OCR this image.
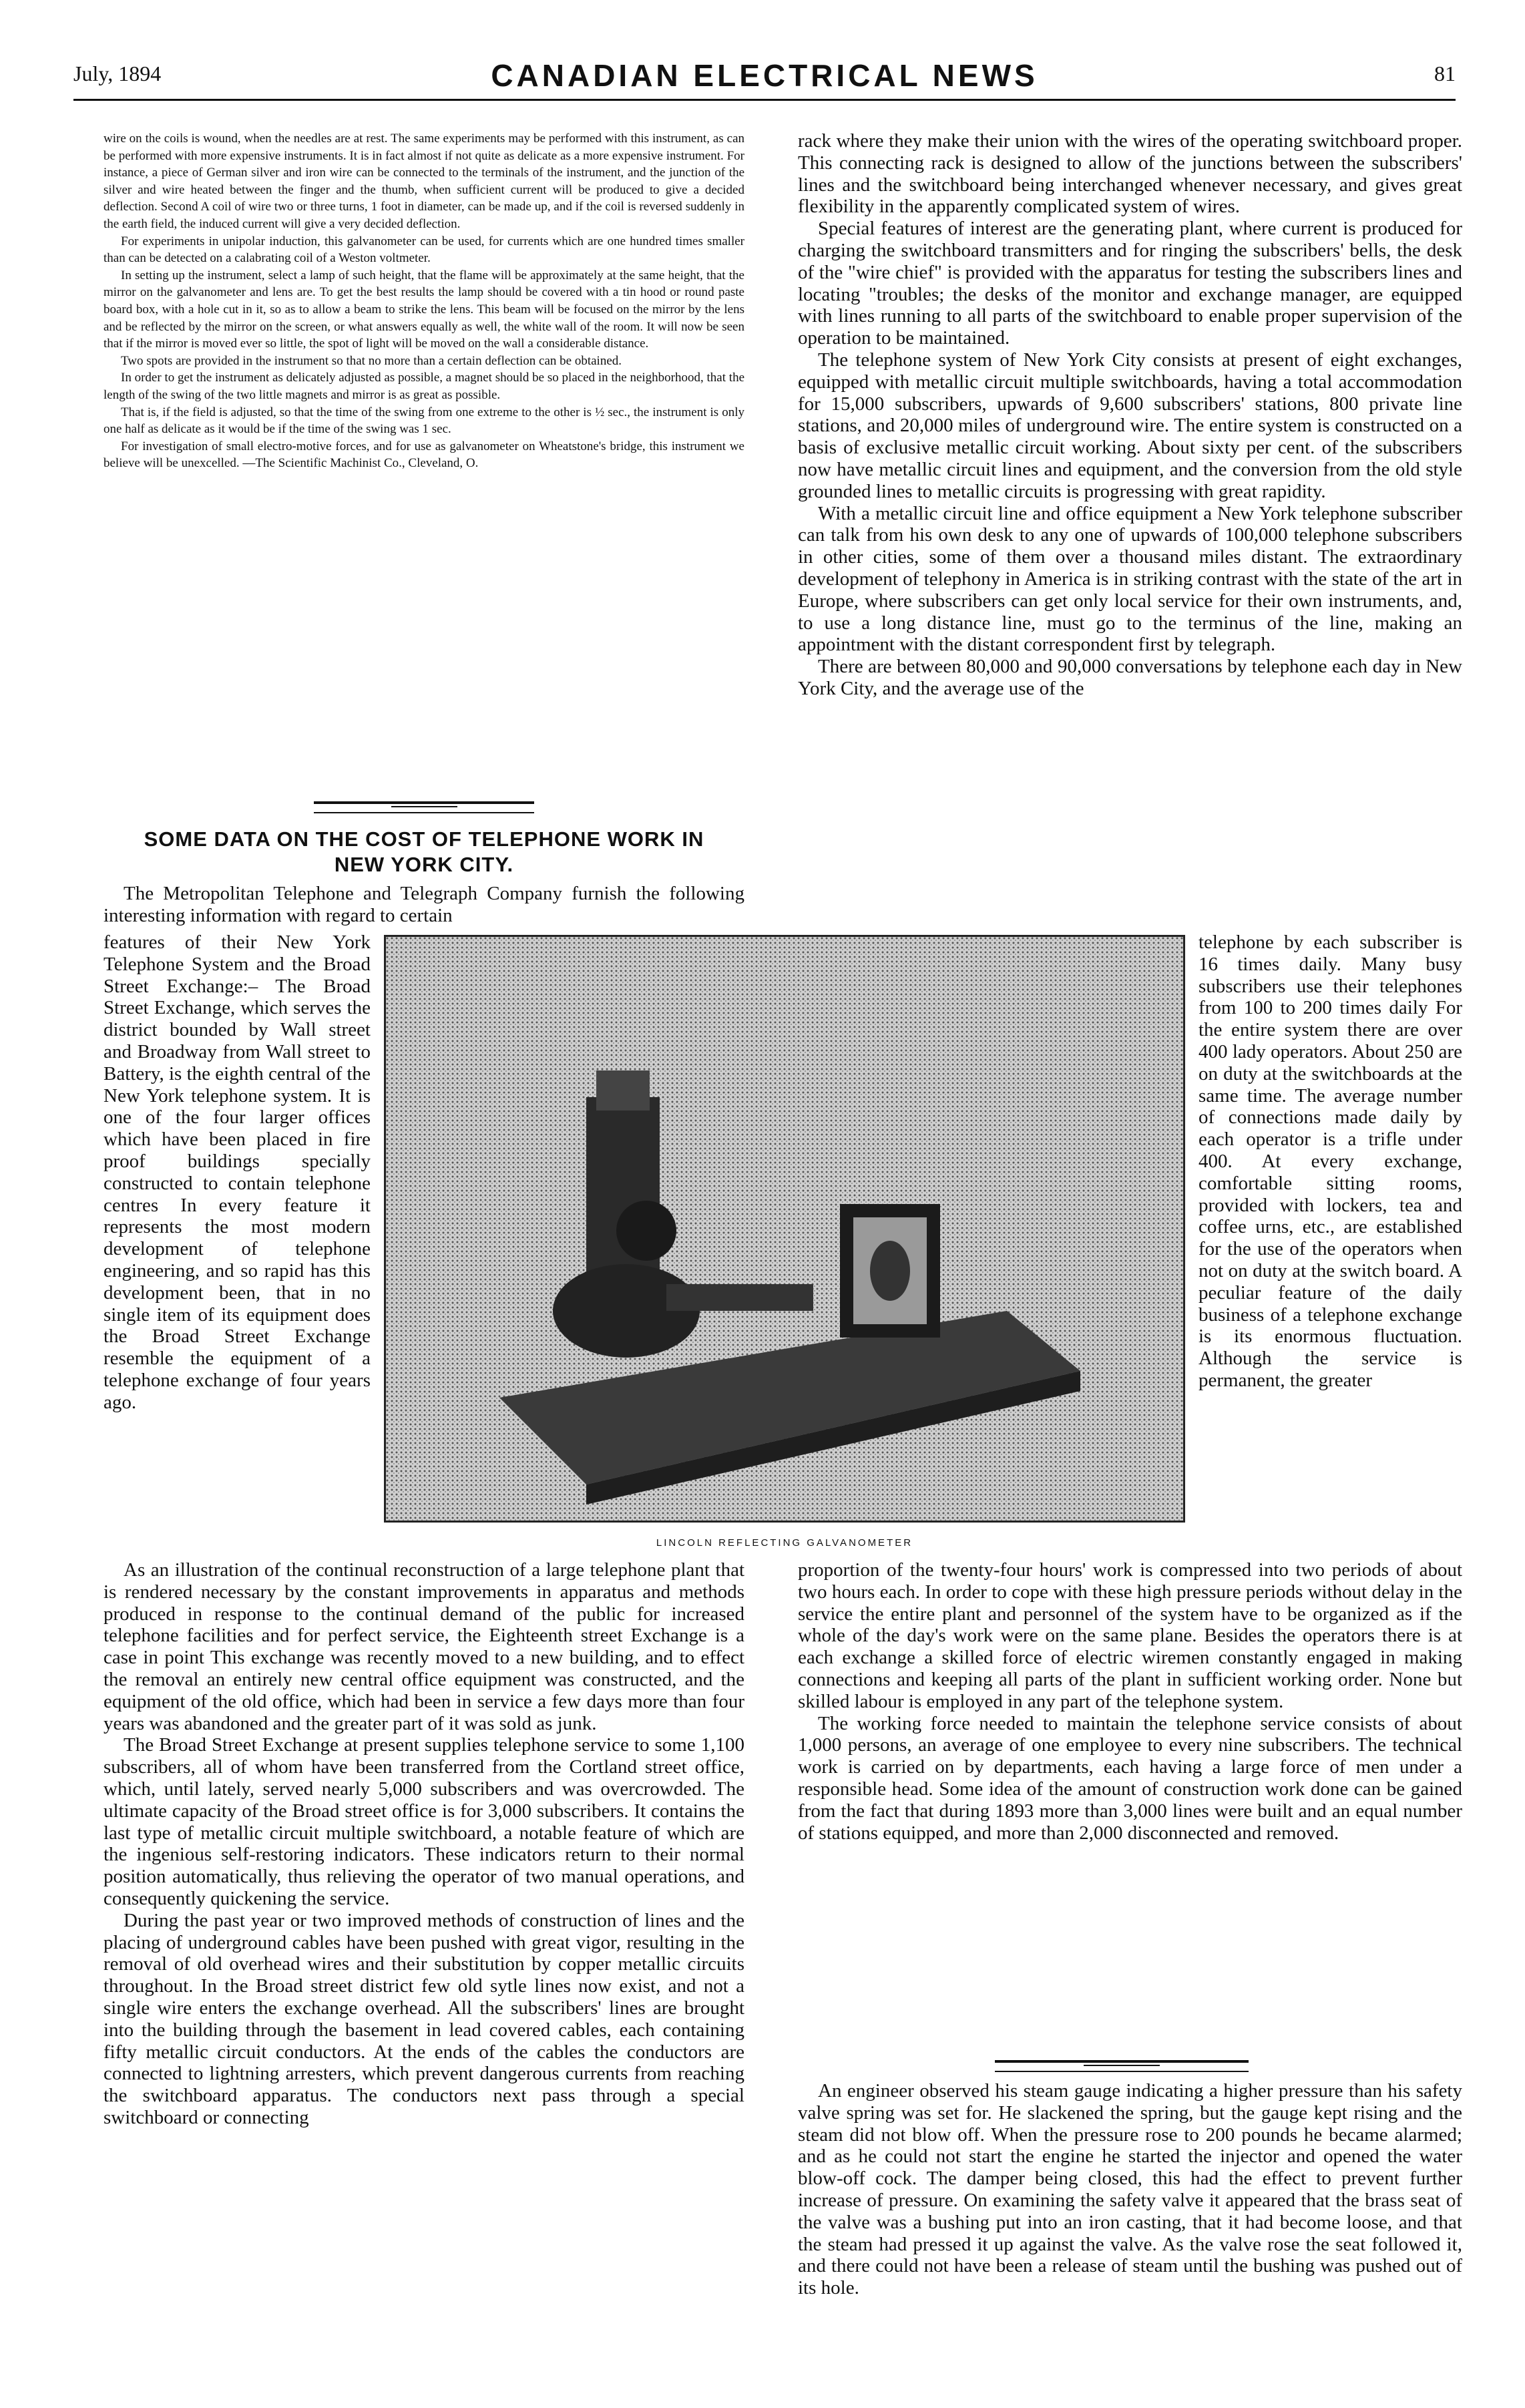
July, 1894	CANADIAN ELECTRICAL NEWS	81

wire on the coils is wound, when the needles are at rest. The same experiments may be performed with this instrument, as can be performed with more expensive instruments. It is in fact almost if not quite as delicate as a more expensive instrument. For instance, a piece of German silver and iron wire can be connected to the terminals of the instrument, and the junction of the silver and wire heated between the finger and the thumb, when sufficient current will be produced to give a decided deflection. Second A coil of wire two or three turns, 1 foot in diameter, can be made up, and if the coil is reversed suddenly in the earth field, the induced current will give a very decided deflection.

For experiments in unipolar induction, this galvanometer can be used, for currents which are one hundred times smaller than can be detected on a calabrating coil of a Weston voltmeter.

In setting up the instrument, select a lamp of such height, that the flame will be approximately at the same height, that the mirror on the galvanometer and lens are. To get the best results the lamp should be covered with a tin hood or round paste board box, with a hole cut in it, so as to allow a beam to strike the lens. This beam will be focused on the mirror by the lens and be reflected by the mirror on the screen, or what answers equally as well, the white wall of the room. It will now be seen that if the mirror is moved ever so little, the spot of light will be moved on the wall a considerable distance.

Two spots are provided in the instrument so that no more than a certain deflection can be obtained.

In order to get the instrument as delicately adjusted as possible, a magnet should be so placed in the neighborhood, that the length of the swing of the two little magnets and mirror is as great as possible.

That is, if the field is adjusted, so that the time of the swing from one extreme to the other is ½ sec., the instrument is only one half as delicate as it would be if the time of the swing was 1 sec.

For investigation of small electro-motive forces, and for use as galvanometer on Wheatstone's bridge, this instrument we believe will be unexcelled. —The Scientific Machinist Co., Cleveland, O.

SOME DATA ON THE COST OF TELEPHONE WORK IN
NEW YORK CITY.

The Metropolitan Telephone and Telegraph Company furnish the following interesting information with regard to certain

features of their New York Telephone System and the Broad Street Exchange:– The Broad Street Exchange, which serves the district bounded by Wall street and Broadway from Wall street to Battery, is the eighth central of the New York telephone system. It is one of the four larger offices which have been placed in fire proof buildings specially constructed to contain telephone centres In every feature it represents the most modern development of telephone engineering, and so rapid has this development been, that in no single item of its equipment does the Broad Street Exchange resemble the equipment of a telephone exchange of four years ago.

LINCOLN REFLECTING GALVANOMETER

As an illustration of the continual reconstruction of a large telephone plant that is rendered necessary by the constant improvements in apparatus and methods produced in response to the continual demand of the public for increased telephone facilities and for perfect service, the Eighteenth street Exchange is a case in point This exchange was recently moved to a new building, and to effect the removal an entirely new central office equipment was constructed, and the equipment of the old office, which had been in service a few days more than four years was abandoned and the greater part of it was sold as junk.

The Broad Street Exchange at present supplies telephone service to some 1,100 subscribers, all of whom have been transferred from the Cortland street office, which, until lately, served nearly 5,000 subscribers and was overcrowded. The ultimate capacity of the Broad street office is for 3,000 subscribers. It contains the last type of metallic circuit multiple switchboard, a notable feature of which are the ingenious self-restoring indicators. These indicators return to their normal position automatically, thus relieving the operator of two manual operations, and consequently quickening the service.

During the past year or two improved methods of construction of lines and the placing of underground cables have been pushed with great vigor, resulting in the removal of old overhead wires and their substitution by copper metallic circuits throughout. In the Broad street district few old sytle lines now exist, and not a single wire enters the exchange overhead. All the subscribers' lines are brought into the building through the basement in lead covered cables, each containing fifty metallic circuit conductors. At the ends of the cables the conductors are connected to lightning arresters, which prevent dangerous currents from reaching the switchboard apparatus. The conductors next pass through a special switchboard or connecting

rack where they make their union with the wires of the operating switchboard proper. This connecting rack is designed to allow of the junctions between the subscribers' lines and the switchboard being interchanged whenever necessary, and gives great flexibility in the apparently complicated system of wires.

Special features of interest are the generating plant, where current is produced for charging the switchboard transmitters and for ringing the subscribers' bells, the desk of the "wire chief" is provided with the apparatus for testing the subscribers lines and locating "troubles; the desks of the monitor and exchange manager, are equipped with lines running to all parts of the switchboard to enable proper supervision of the operation to be maintained.

The telephone system of New York City consists at present of eight exchanges, equipped with metallic circuit multiple switchboards, having a total accommodation for 15,000 subscribers, upwards of 9,600 subscribers' stations, 800 private line stations, and 20,000 miles of underground wire. The entire system is constructed on a basis of exclusive metallic circuit working. About sixty per cent. of the subscribers now have metallic circuit lines and equipment, and the conversion from the old style grounded lines to metallic circuits is progressing with great rapidity.

With a metallic circuit line and office equipment a New York telephone subscriber can talk from his own desk to any one of upwards of 100,000 telephone subscribers in other cities, some of them over a thousand miles distant. The extraordinary development of telephony in America is in striking contrast with the state of the art in Europe, where subscribers can get only local service for their own instruments, and, to use a long distance line, must go to the terminus of the line, making an appointment with the distant correspondent first by telegraph.

There are between 80,000 and 90,000 conversations by telephone each day in New York City, and the average use of the

telephone by each subscriber is 16 times daily. Many busy subscribers use their telephones from 100 to 200 times daily For the entire system there are over 400 lady operators. About 250 are on duty at the switchboards at the same time. The average number of connections made daily by each operator is a trifle under 400. At every exchange, comfortable sitting rooms, provided with lockers, tea and coffee urns, etc., are established for the use of the operators when not on duty at the switch board. A peculiar feature of the daily business of a telephone exchange is its enormous fluctuation. Although the service is permanent, the greater

proportion of the twenty-four hours' work is compressed into two periods of about two hours each. In order to cope with these high pressure periods without delay in the service the entire plant and personnel of the system have to be organized as if the whole of the day's work were on the same plane. Besides the operators there is at each exchange a skilled force of electric wiremen constantly engaged in making connections and keeping all parts of the plant in sufficient working order. None but skilled labour is employed in any part of the telephone system.

The working force needed to maintain the telephone service consists of about 1,000 persons, an average of one employee to every nine subscribers. The technical work is carried on by departments, each having a large force of men under a responsible head. Some idea of the amount of construction work done can be gained from the fact that during 1893 more than 3,000 lines were built and an equal number of stations equipped, and more than 2,000 disconnected and removed.

An engineer observed his steam gauge indicating a higher pressure than his safety valve spring was set for. He slackened the spring, but the gauge kept rising and the steam did not blow off. When the pressure rose to 200 pounds he became alarmed; and as he could not start the engine he started the injector and opened the water blow-off cock. The damper being closed, this had the effect to prevent further increase of pressure. On examining the safety valve it appeared that the brass seat of the valve was a bushing put into an iron casting, that it had become loose, and that the steam had pressed it up against the valve. As the valve rose the seat followed it, and there could not have been a release of steam until the bushing was pushed out of its hole.
